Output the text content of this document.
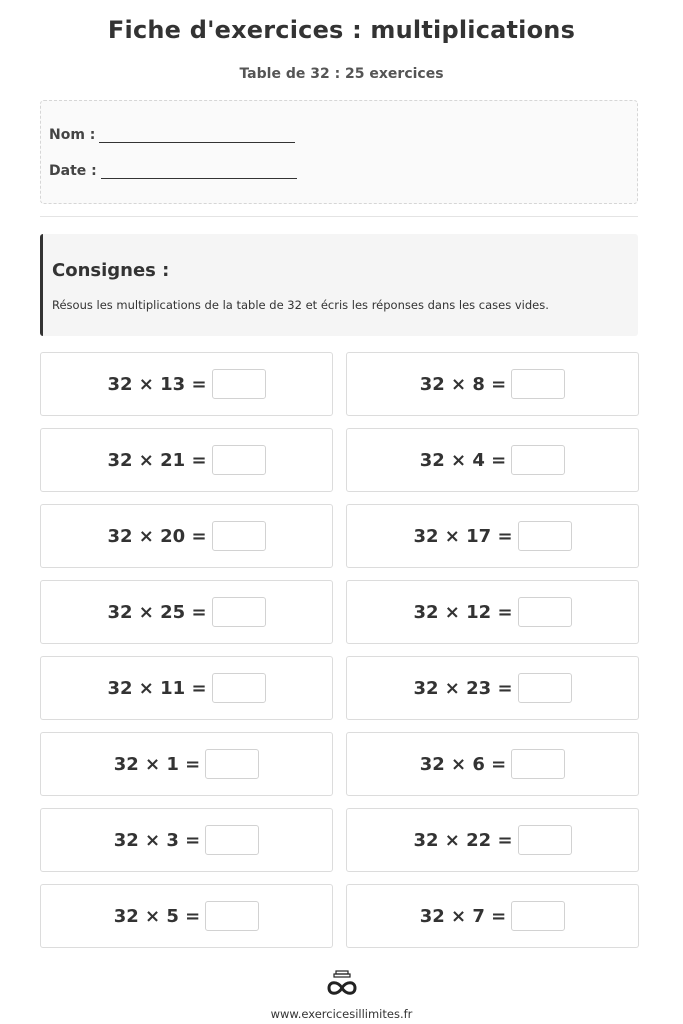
Fiche d'exercices : multiplications
Table de 32 : 25 exercices
Nom :
Date :
Consignes :
Résous les multiplications de la table de 32 et écris les réponses dans les cases vides.
32 × 13 =	32 × 8 =
32 × 21 =	32 × 4 =
32 × 20 =	32 × 17 =
32 × 25 =	32 × 12 =
32 × 11 =	32 × 23 =
32 × 1 =	32 × 6 =
32 × 3 =	32 × 22 =
32 × 5 =	32 × 7 =
www.exercicesillimites.fr
